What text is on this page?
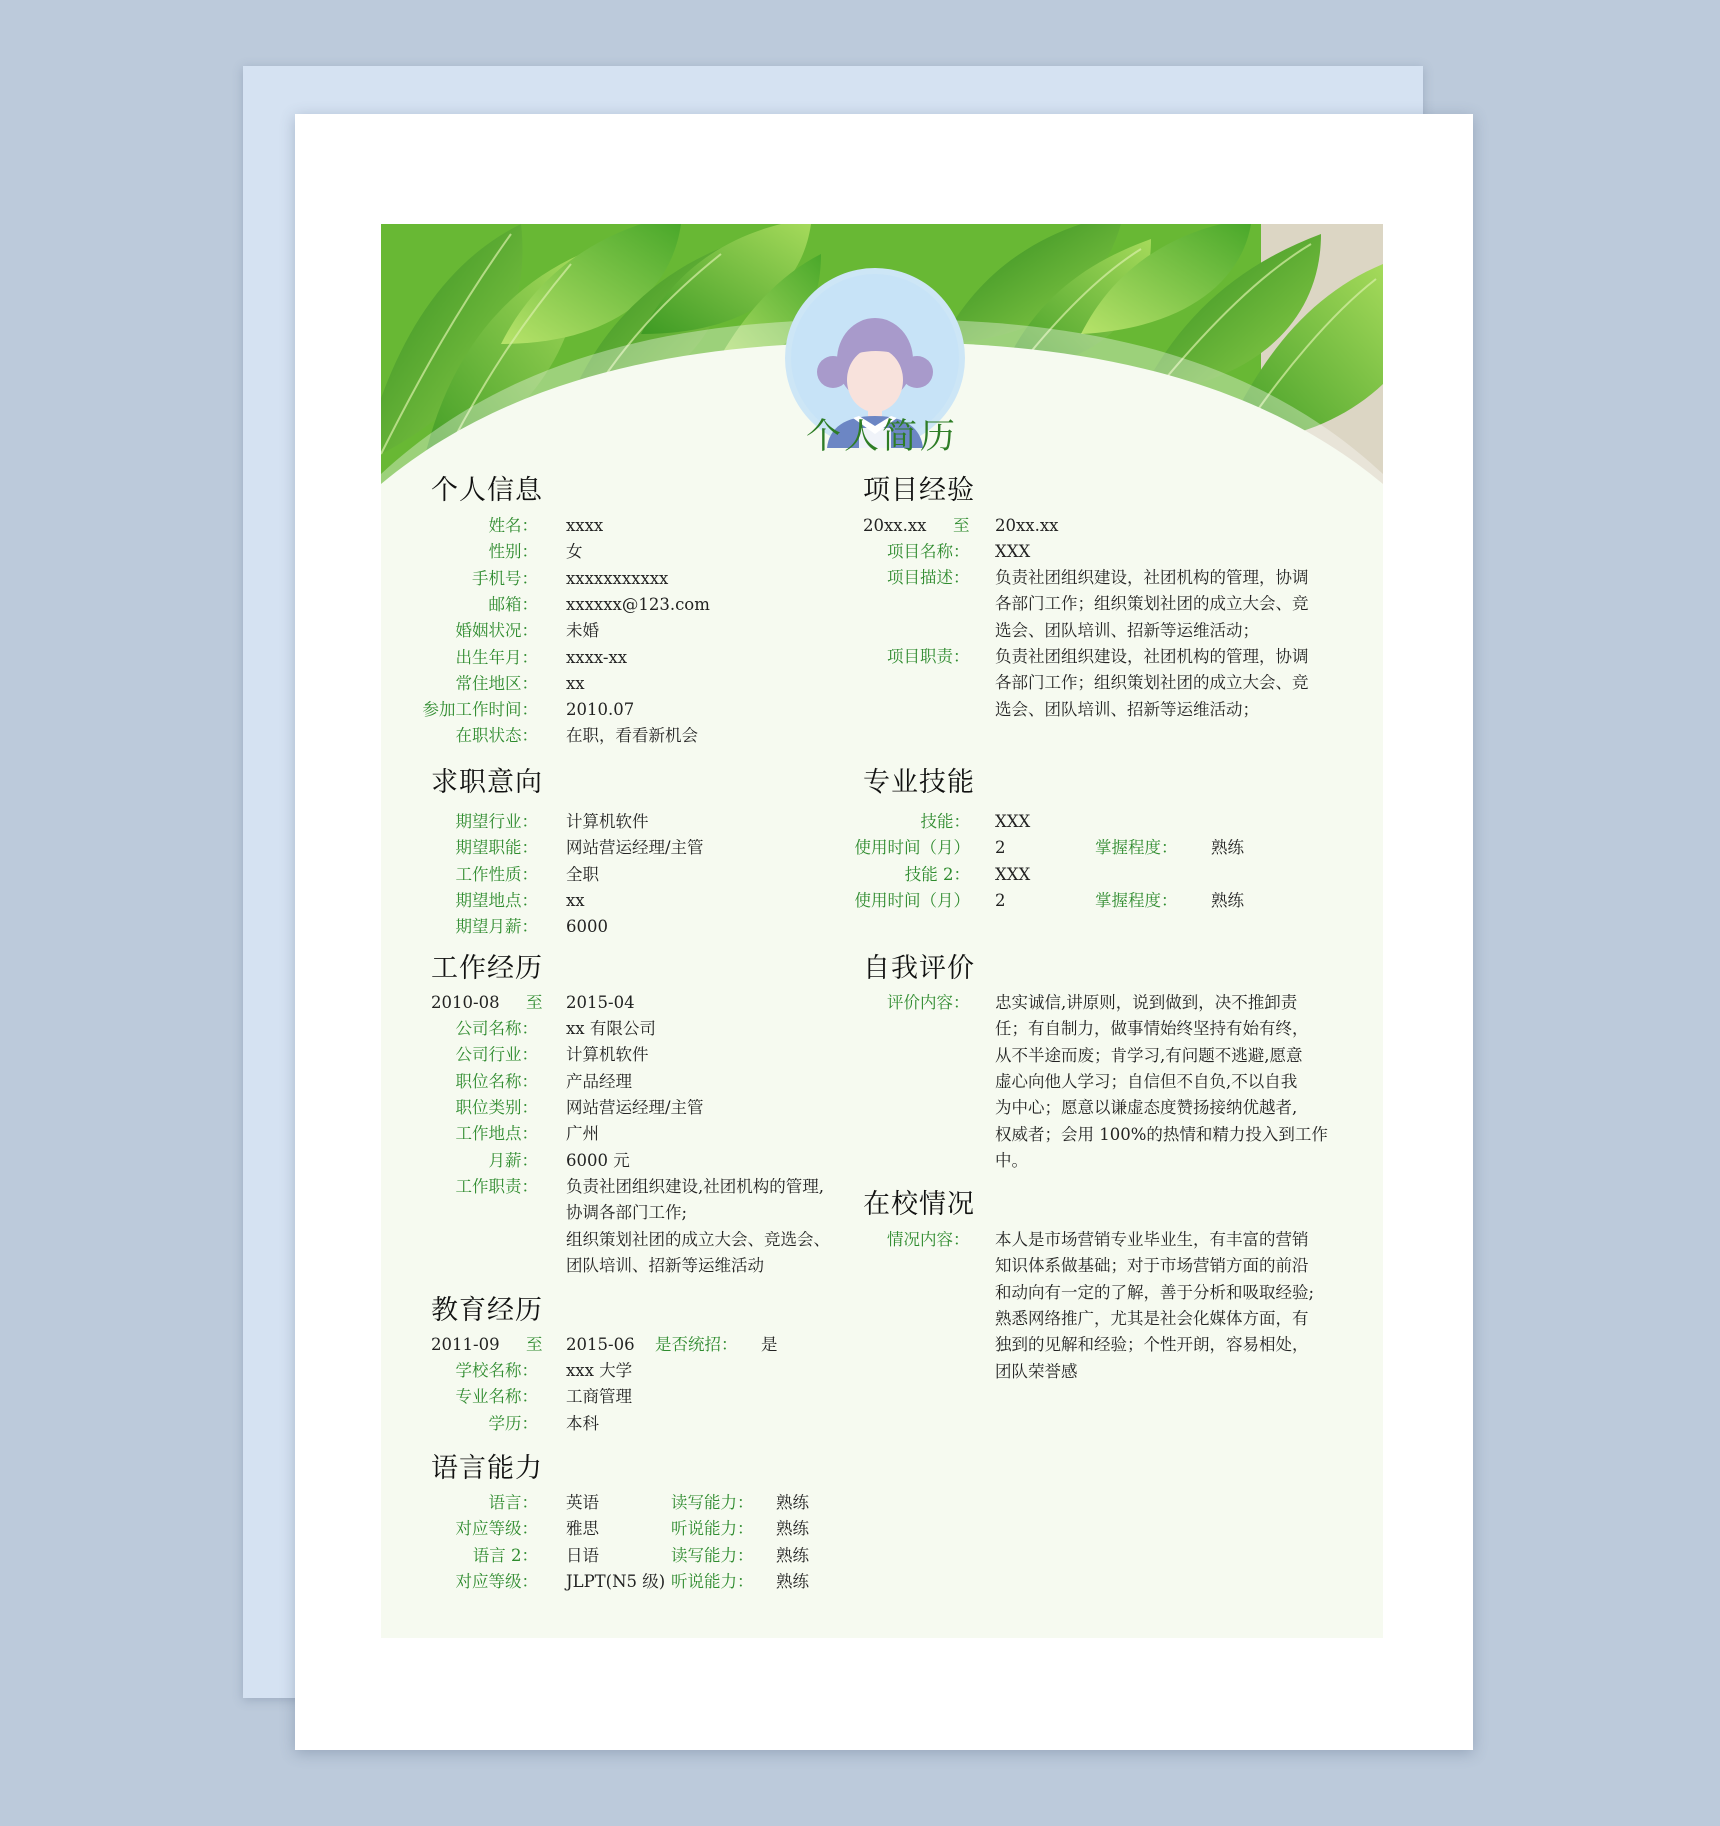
个人简历
个人信息
姓名： xxxx
性别： 女
手机号： xxxxxxxxxxx
邮箱： xxxxxx@123.com
婚姻状况： 未婚
出生年月： xxxx-xx
常住地区： xx
参加工作时间： 2010.07
在职状态： 在职，看看新机会
求职意向
期望行业： 计算机软件
期望职能： 网站营运经理/主管
工作性质： 全职
期望地点： xx
期望月薪： 6000
工作经历
2010-08 至 2015-04
公司名称： xx 有限公司
公司行业： 计算机软件
职位名称： 产品经理
职位类别： 网站营运经理/主管
工作地点： 广州
月薪： 6000 元
工作职责： 负责社团组织建设,社团机构的管理,
协调各部门工作;
组织策划社团的成立大会、竞选会、
团队培训、招新等运维活动
教育经历
2011-09 至 2015-06 是否统招： 是
学校名称： xxx 大学
专业名称： 工商管理
学历： 本科
语言能力
语言： 英语	读写能力： 熟练
对应等级： 雅思	听说能力： 熟练
语言 2： 日语	读写能力： 熟练
对应等级： JLPT(N5 级) 听说能力： 熟练
项目经验
20xx.xx 至 20xx.xx
项目名称： XXX
项目描述： 负责社团组织建设，社团机构的管理，协调
各部门工作；组织策划社团的成立大会、竞
选会、团队培训、招新等运维活动；
项目职责： 负责社团组织建设，社团机构的管理，协调
各部门工作；组织策划社团的成立大会、竞
选会、团队培训、招新等运维活动；
专业技能
技能： XXX
使用时间（月） 2	掌握程度： 熟练
技能 2： XXX
使用时间（月） 2	掌握程度： 熟练
自我评价
评价内容： 忠实诚信,讲原则，说到做到，决不推卸责
任；有自制力，做事情始终坚持有始有终，
从不半途而废；肯学习,有问题不逃避,愿意
虚心向他人学习；自信但不自负,不以自我
为中心；愿意以谦虚态度赞扬接纳优越者,
权威者；会用 100%的热情和精力投入到工作
中。
在校情况
情况内容： 本人是市场营销专业毕业生，有丰富的营销
知识体系做基础；对于市场营销方面的前沿
和动向有一定的了解，善于分析和吸取经验;
熟悉网络推广，尤其是社会化媒体方面，有
独到的见解和经验；个性开朗，容易相处，
团队荣誉感
